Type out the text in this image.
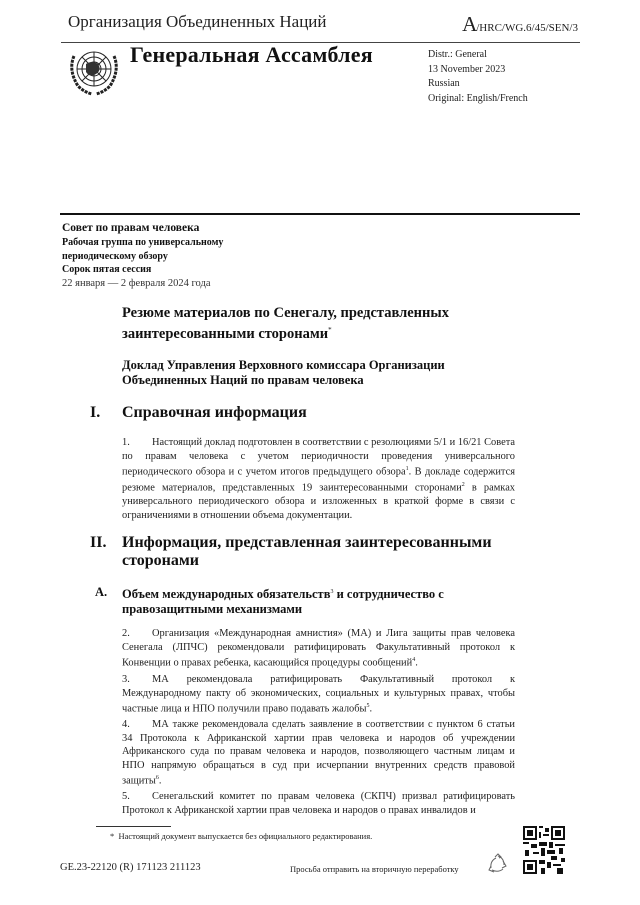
Организация Объединенных Наций	A/HRC/WG.6/45/SEN/3
Генеральная Ассамблея	Distr.: General
13 November 2023
Russian
Original: English/French
Совет по правам человека
Рабочая группа по универсальному
периодическому обзору
Сорок пятая сессия
22 января — 2 февраля 2024 года
Резюме материалов по Сенегалу, представленных заинтересованными сторонами*
Доклад Управления Верховного комиссара Организации Объединенных Наций по правам человека
I. Справочная информация
1. Настоящий доклад подготовлен в соответствии с резолюциями 5/1 и 16/21 Совета по правам человека с учетом периодичности проведения универсального периодического обзора и с учетом итогов предыдущего обзора$^1$. В докладе содержится резюме материалов, представленных 19 заинтересованными сторонами$^2$ в рамках универсального периодического обзора и изложенных в краткой форме в связи с ограничениями в отношении объема документации.
II. Информация, представленная заинтересованными сторонами
A. Объем международных обязательств$^3$ и сотрудничество с правозащитными механизмами
2. Организация «Международная амнистия» (МА) и Лига защиты прав человека Сенегала (ЛПЧС) рекомендовали ратифицировать Факультативный протокол к Конвенции о правах ребенка, касающийся процедуры сообщений$^4$.
3. МА рекомендовала ратифицировать Факультативный протокол к Международному пакту об экономических, социальных и культурных правах, чтобы частные лица и НПО получили право подавать жалобы$^5$.
4. МА также рекомендовала сделать заявление в соответствии с пунктом 6 статьи 34 Протокола к Африканской хартии прав человека и народов об учреждении Африканского суда по правам человека и народов, позволяющего частным лицам и НПО напрямую обращаться в суд при исчерпании внутренних средств правовой защиты$^6$.
5. Сенегальский комитет по правам человека (СКПЧ) призвал ратифицировать Протокол к Африканской хартии прав человека и народов о правах инвалидов и
* Настоящий документ выпускается без официального редактирования.
GE.23-22120 (R) 171123 211123	Просьба отправить на вторичную переработку
